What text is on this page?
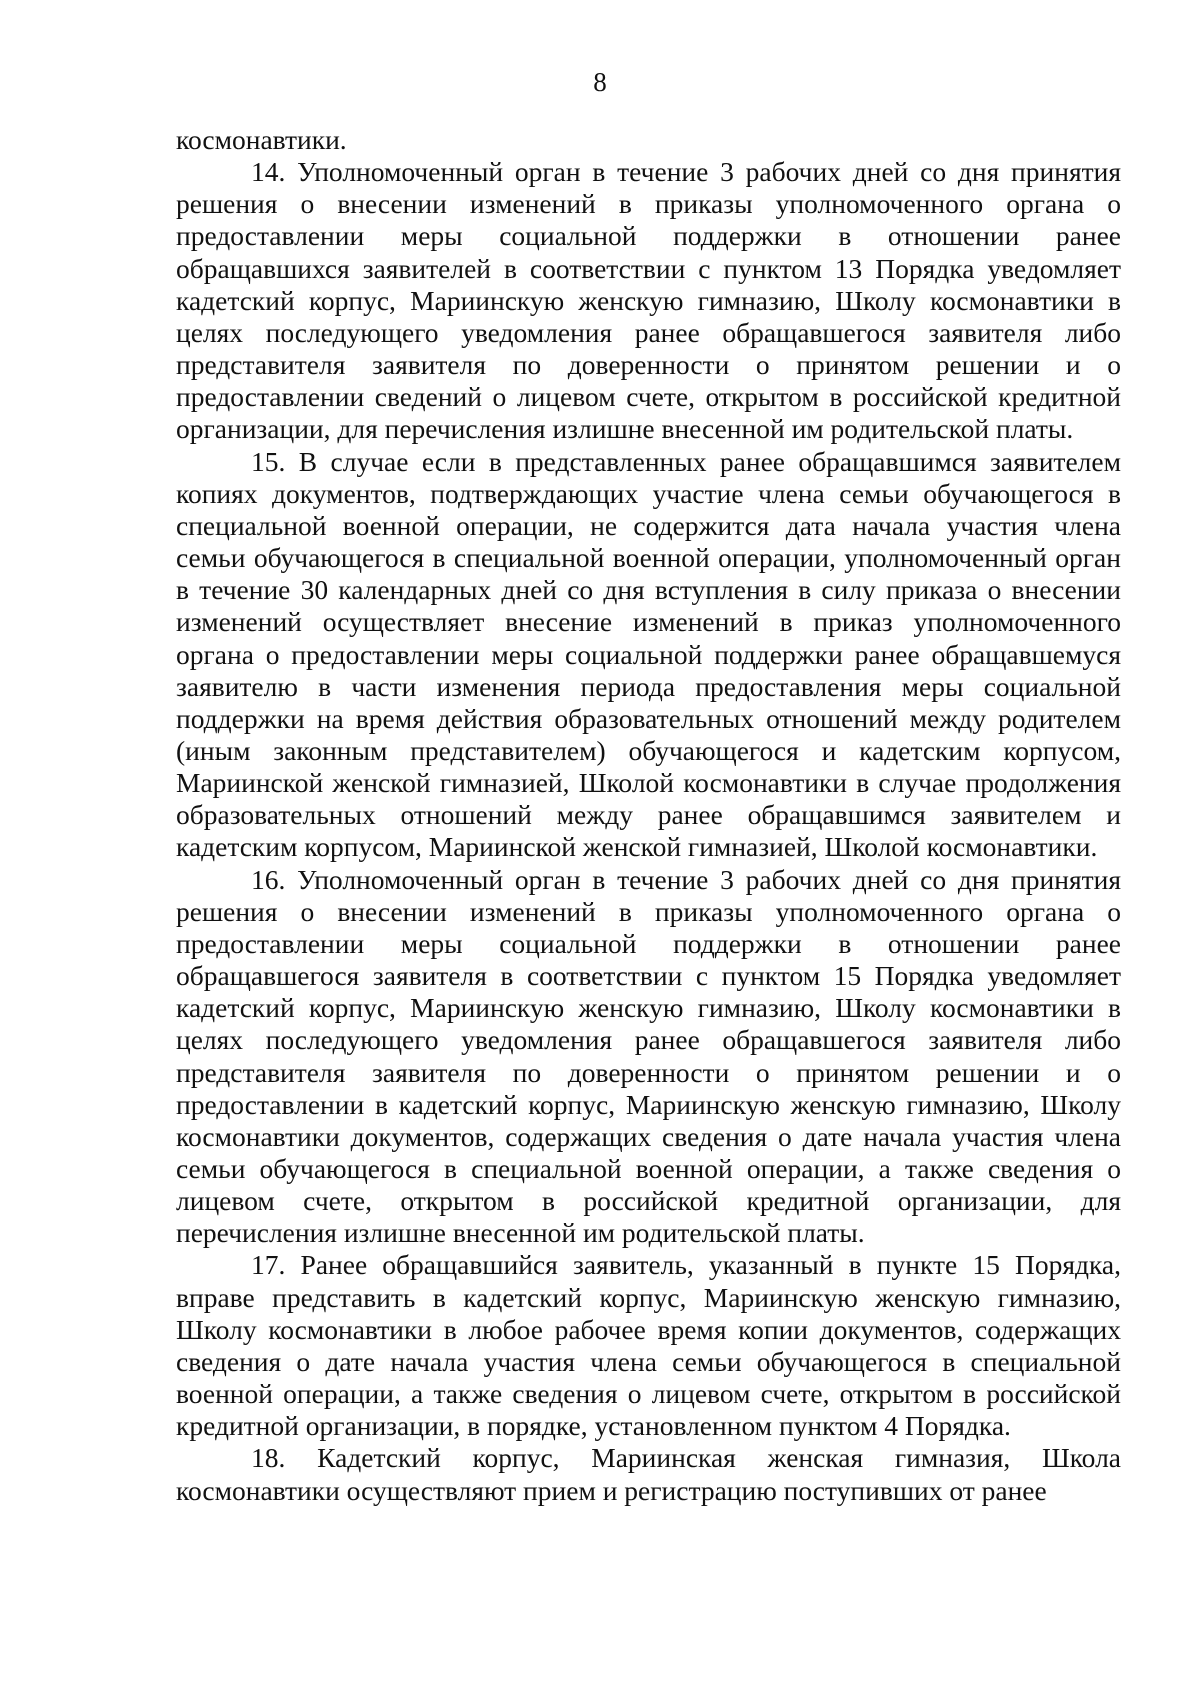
8

космонавтики.

14. Уполномоченный орган в течение 3 рабочих дней со дня принятия решения о внесении изменений в приказы уполномоченного органа о предоставлении меры социальной поддержки в отношении ранее обращавшихся заявителей в соответствии с пунктом 13 Порядка уведомляет кадетский корпус, Мариинскую женскую гимназию, Школу космонавтики в целях последующего уведомления ранее обращавшегося заявителя либо представителя заявителя по доверенности о принятом решении и о предоставлении сведений о лицевом счете, открытом в российской кредитной организации, для перечисления излишне внесенной им родительской платы.

15. В случае если в представленных ранее обращавшимся заявителем копиях документов, подтверждающих участие члена семьи обучающегося в специальной военной операции, не содержится дата начала участия члена семьи обучающегося в специальной военной операции, уполномоченный орган в течение 30 календарных дней со дня вступления в силу приказа о внесении изменений осуществляет внесение изменений в приказ уполномоченного органа о предоставлении меры социальной поддержки ранее обращавшемуся заявителю в части изменения периода предоставления меры социальной поддержки на время действия образовательных отношений между родителем (иным законным представителем) обучающегося и кадетским корпусом, Мариинской женской гимназией, Школой космонавтики в случае продолжения образовательных отношений между ранее обращавшимся заявителем и кадетским корпусом, Мариинской женской гимназией, Школой космонавтики.

16. Уполномоченный орган в течение 3 рабочих дней со дня принятия решения о внесении изменений в приказы уполномоченного органа о предоставлении меры социальной поддержки в отношении ранее обращавшегося заявителя в соответствии с пунктом 15 Порядка уведомляет кадетский корпус, Мариинскую женскую гимназию, Школу космонавтики в целях последующего уведомления ранее обращавшегося заявителя либо представителя заявителя по доверенности о принятом решении и о предоставлении в кадетский корпус, Мариинскую женскую гимназию, Школу космонавтики документов, содержащих сведения о дате начала участия члена семьи обучающегося в специальной военной операции, а также сведения о лицевом счете, открытом в российской кредитной организации, для перечисления излишне внесенной им родительской платы.

17. Ранее обращавшийся заявитель, указанный в пункте 15 Порядка, вправе представить в кадетский корпус, Мариинскую женскую гимназию, Школу космонавтики в любое рабочее время копии документов, содержащих сведения о дате начала участия члена семьи обучающегося в специальной военной операции, а также сведения о лицевом счете, открытом в российской кредитной организации, в порядке, установленном пунктом 4 Порядка.

18. Кадетский корпус, Мариинская женская гимназия, Школа космонавтики осуществляют прием и регистрацию поступивших от ранее
